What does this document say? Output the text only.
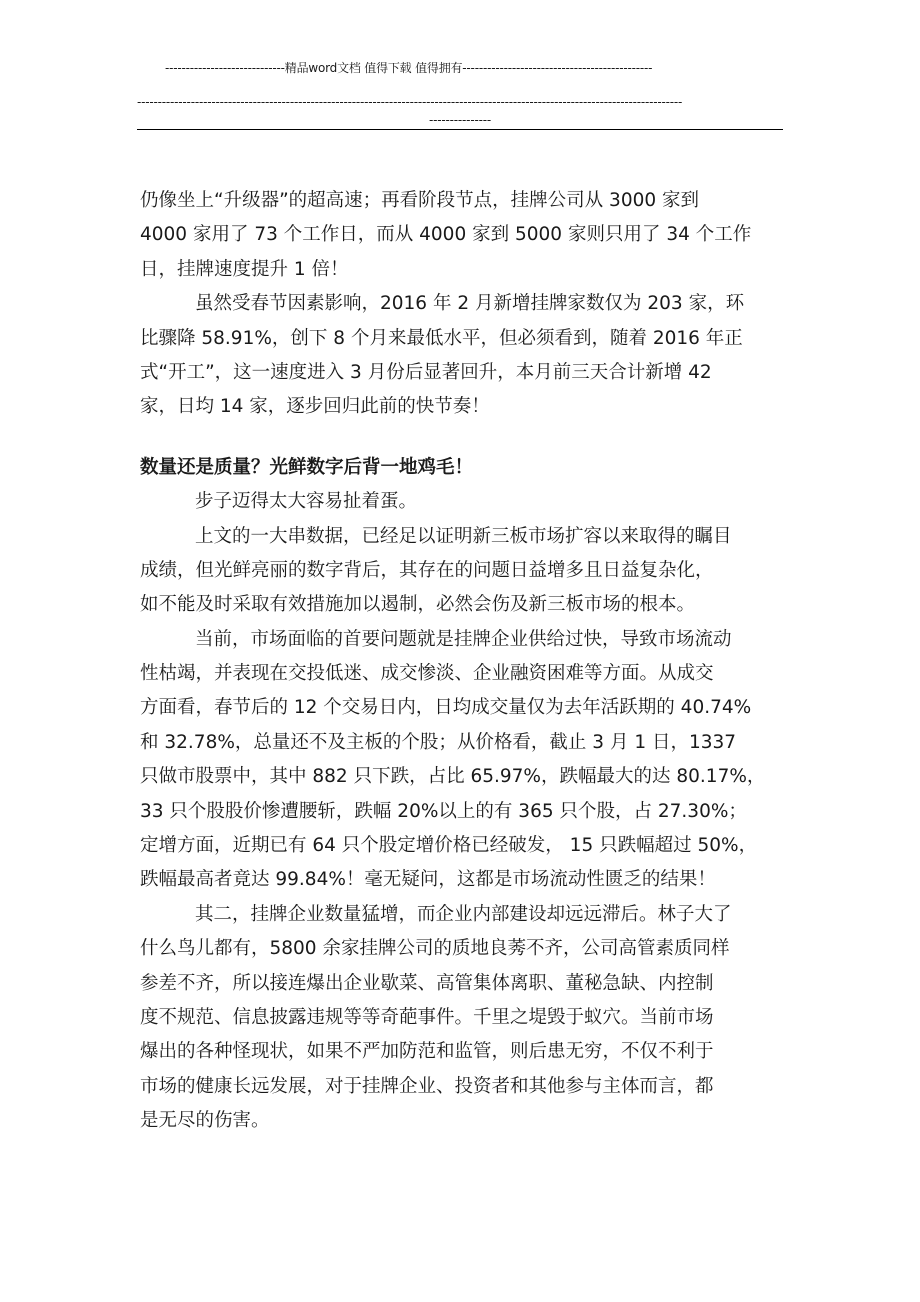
-----------------------------精品word文档 值得下载 值得拥有----------------------------------------------
------------------------------------------------------------------------------------------------------------------------------------
---------------
仍像坐上“升级器”的超高速；再看阶段节点，挂牌公司从 3000 家到
4000 家用了 73 个工作日，而从 4000 家到 5000 家则只用了 34 个工作
日，挂牌速度提升 1 倍！
虽然受春节因素影响，2016 年 2 月新增挂牌家数仅为 203 家，环
比骤降 58.91%，创下 8 个月来最低水平，但必须看到，随着 2016 年正
式“开工”，这一速度进入 3 月份后显著回升，本月前三天合计新增 42
家，日均 14 家，逐步回归此前的快节奏！
数量还是质量？光鲜数字后背一地鸡毛！
步子迈得太大容易扯着蛋。
上文的一大串数据，已经足以证明新三板市场扩容以来取得的瞩目
成绩，但光鲜亮丽的数字背后，其存在的问题日益增多且日益复杂化，
如不能及时采取有效措施加以遏制，必然会伤及新三板市场的根本。
当前，市场面临的首要问题就是挂牌企业供给过快，导致市场流动
性枯竭，并表现在交投低迷、成交惨淡、企业融资困难等方面。从成交
方面看，春节后的 12 个交易日内，日均成交量仅为去年活跃期的 40.74%
和 32.78%，总量还不及主板的个股；从价格看，截止 3 月 1 日，1337
只做市股票中，其中 882 只下跌，占比 65.97%，跌幅最大的达 80.17%，
33 只个股股价惨遭腰斩，跌幅 20%以上的有 365 只个股，占 27.30%；
定增方面，近期已有 64 只个股定增价格已经破发， 15 只跌幅超过 50%，
跌幅最高者竟达 99.84%！毫无疑问，这都是市场流动性匮乏的结果！
其二，挂牌企业数量猛增，而企业内部建设却远远滞后。林子大了
什么鸟儿都有，5800 余家挂牌公司的质地良莠不齐，公司高管素质同样
参差不齐，所以接连爆出企业歇菜、高管集体离职、董秘急缺、内控制
度不规范、信息披露违规等等奇葩事件。千里之堤毁于蚁穴。当前市场
爆出的各种怪现状，如果不严加防范和监管，则后患无穷，不仅不利于
市场的健康长远发展，对于挂牌企业、投资者和其他参与主体而言，都
是无尽的伤害。
